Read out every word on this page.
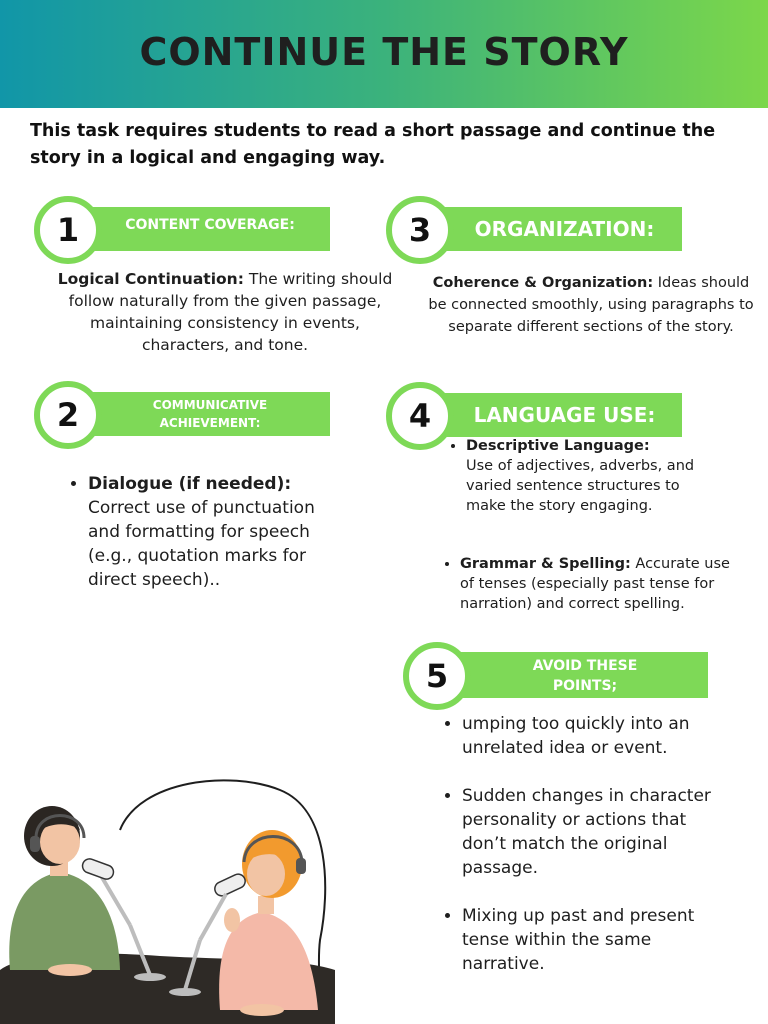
CONTINUE THE STORY
This task requires students to read a short passage and continue the story in a logical and engaging way.
CONTENT COVERAGE:
1
Logical Continuation: The writing should follow naturally from the given passage, maintaining consistency in events, characters, and tone.
ORGANIZATION:
3
Coherence & Organization: Ideas should be connected smoothly, using paragraphs to separate different sections of the story.
COMMUNICATIVE
ACHIEVEMENT:
2
• Dialogue (if needed): Correct use of punctuation and formatting for speech (e.g., quotation marks for direct speech)..
LANGUAGE USE:
4
• Descriptive Language:
Use of adjectives, adverbs, and varied sentence structures to make the story engaging.
• Grammar & Spelling: Accurate use of tenses (especially past tense for narration) and correct spelling.
AVOID THESE
POINTS;
5
• umping too quickly into an unrelated idea or event.
• Sudden changes in character personality or actions that don’t match the original passage.
• Mixing up past and present tense within the same narrative.
